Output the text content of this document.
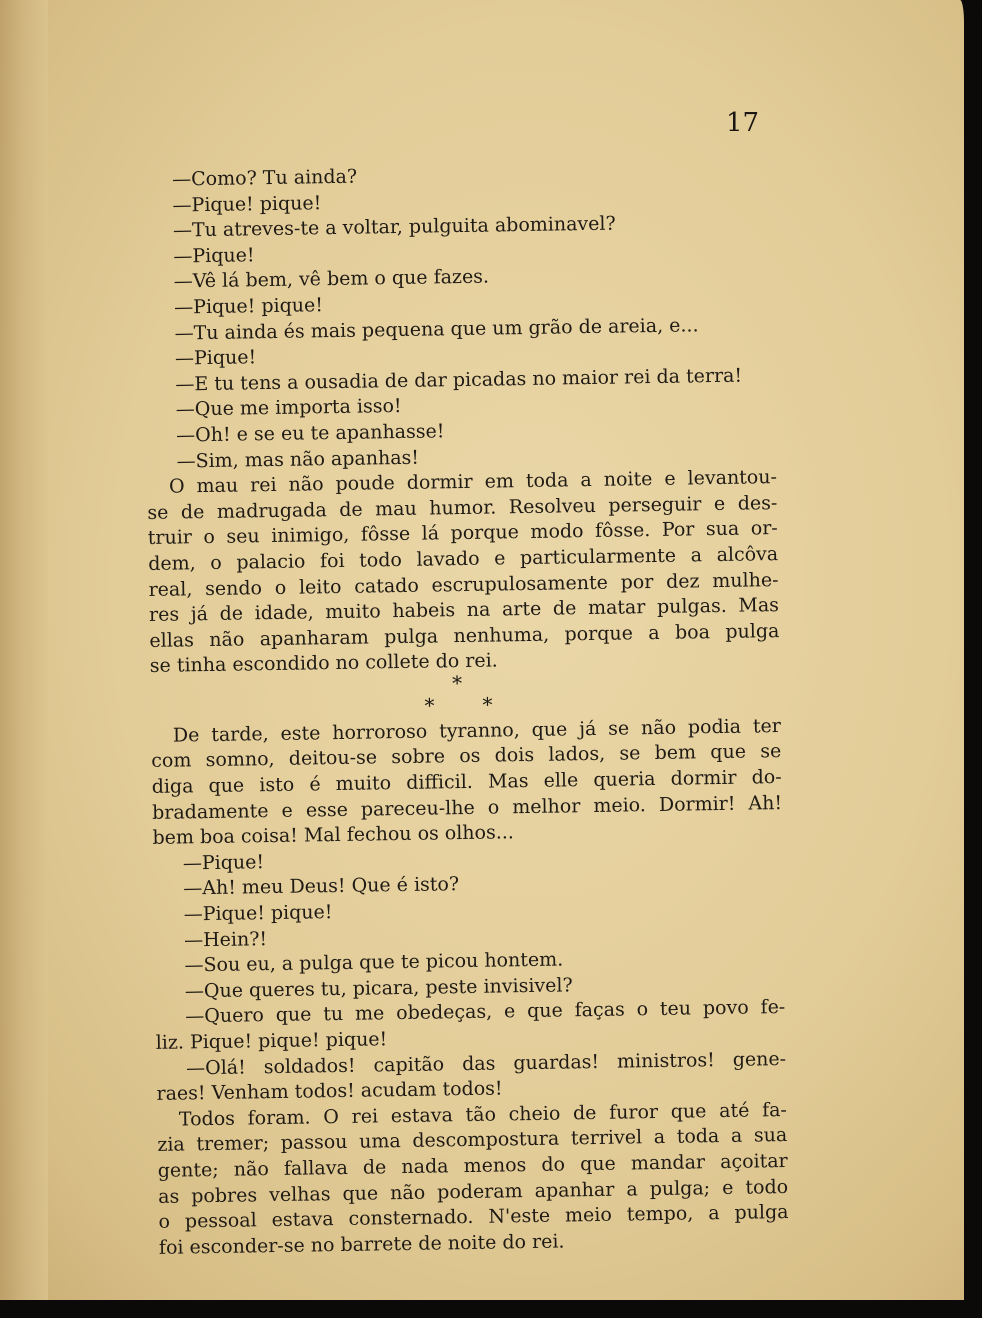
17
—Como? Tu ainda?
—Pique! pique!
—Tu atreves-te a voltar, pulguita abominavel?
—Pique!
—Vê lá bem, vê bem o que fazes.
—Pique! pique!
—Tu ainda és mais pequena que um grão de areia, e...
—Pique!
—E tu tens a ousadia de dar picadas no maior rei da terra!
—Que me importa isso!
—Oh! e se eu te apanhasse!
—Sim, mas não apanhas!
O mau rei não poude dormir em toda a noite e levantou-
se de madrugada de mau humor. Resolveu perseguir e des-
truir o seu inimigo, fôsse lá porque modo fôsse. Por sua or-
dem, o palacio foi todo lavado e particularmente a alcôva
real, sendo o leito catado escrupulosamente por dez mulhe-
res já de idade, muito habeis na arte de matar pulgas. Mas
ellas não apanharam pulga nenhuma, porque a boa pulga
se tinha escondido no collete do rei.
*
* *
De tarde, este horroroso tyranno, que já se não podia ter
com somno, deitou-se sobre os dois lados, se bem que se
diga que isto é muito difficil. Mas elle queria dormir do-
bradamente e esse pareceu-lhe o melhor meio. Dormir! Ah!
bem boa coisa! Mal fechou os olhos...
—Pique!
—Ah! meu Deus! Que é isto?
—Pique! pique!
—Hein?!
—Sou eu, a pulga que te picou hontem.
—Que queres tu, picara, peste invisivel?
—Quero que tu me obedeças, e que faças o teu povo fe-
liz. Pique! pique! pique!
—Olá! soldados! capitão das guardas! ministros! gene-
raes! Venham todos! acudam todos!
Todos foram. O rei estava tão cheio de furor que até fa-
zia tremer; passou uma descompostura terrivel a toda a sua
gente; não fallava de nada menos do que mandar açoitar
as pobres velhas que não poderam apanhar a pulga; e todo
o pessoal estava consternado. N'este meio tempo, a pulga
foi esconder-se no barrete de noite do rei.
